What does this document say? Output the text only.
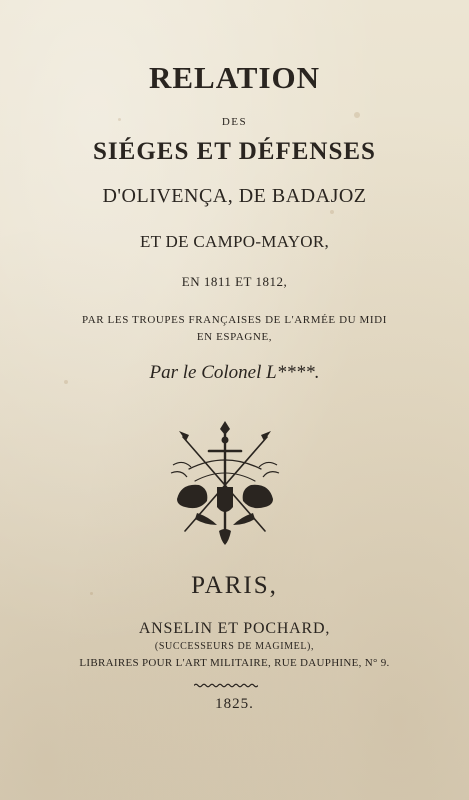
RELATION
DES
SIÉGES ET DÉFENSES
D'OLIVENÇA, DE BADAJOZ
ET DE CAMPO-MAYOR,
EN 1811 ET 1812,
PAR LES TROUPES FRANÇAISES DE L'ARMÉE DU MIDI
EN ESPAGNE,
Par le Colonel L****.
PARIS,
ANSELIN ET POCHARD,
(SUCCESSEURS DE MAGIMEL),
LIBRAIRES POUR L'ART MILITAIRE, RUE DAUPHINE, N° 9.
1825.
